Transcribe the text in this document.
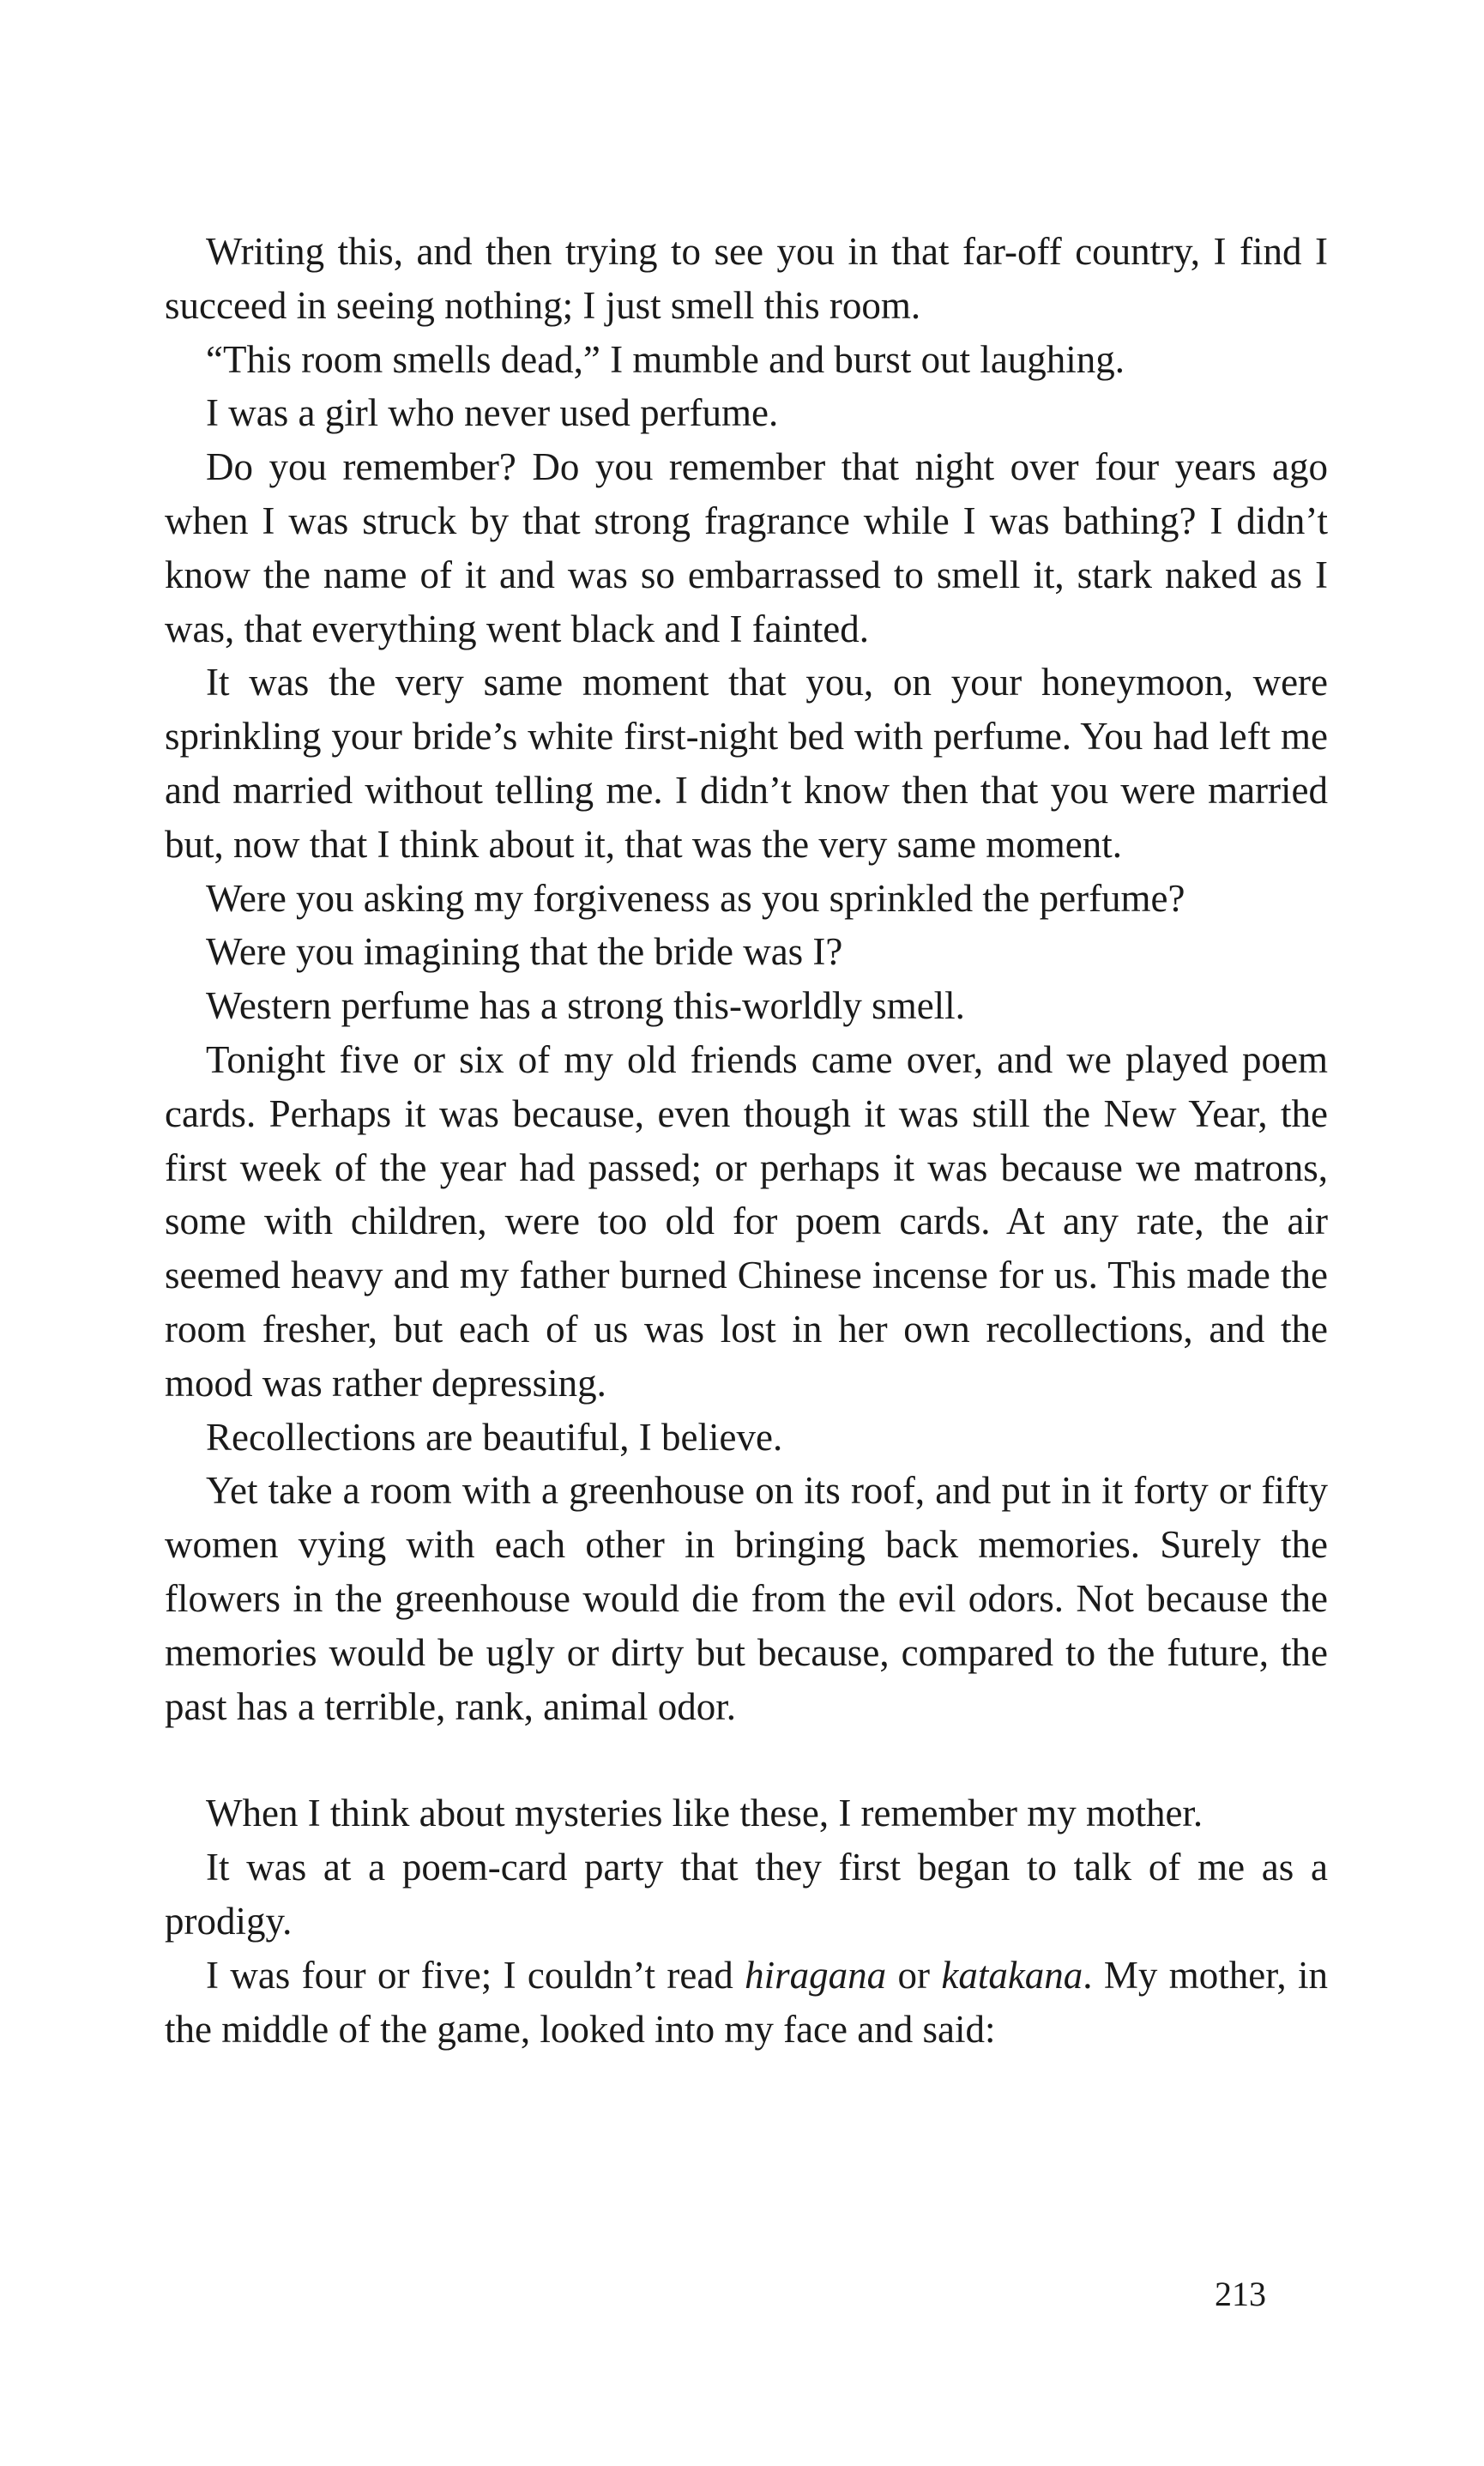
Writing this, and then trying to see you in that far-off country, I find I succeed in seeing nothing; I just smell this room.

“This room smells dead,” I mumble and burst out laughing.

I was a girl who never used perfume.

Do you remember? Do you remember that night over four years ago when I was struck by that strong fragrance while I was bathing? I didn’t know the name of it and was so embarrassed to smell it, stark naked as I was, that everything went black and I fainted.

It was the very same moment that you, on your honeymoon, were sprinkling your bride’s white first-night bed with perfume. You had left me and married without telling me. I didn’t know then that you were married but, now that I think about it, that was the very same moment.

Were you asking my forgiveness as you sprinkled the perfume?

Were you imagining that the bride was I?

Western perfume has a strong this-worldly smell.

Tonight five or six of my old friends came over, and we played poem cards. Perhaps it was because, even though it was still the New Year, the first week of the year had passed; or perhaps it was because we matrons, some with children, were too old for poem cards. At any rate, the air seemed heavy and my father burned Chinese incense for us. This made the room fresher, but each of us was lost in her own recollections, and the mood was rather depressing.

Recollections are beautiful, I believe.

Yet take a room with a greenhouse on its roof, and put in it forty or fifty women vying with each other in bringing back memories. Surely the flowers in the greenhouse would die from the evil odors. Not because the memories would be ugly or dirty but because, compared to the future, the past has a terrible, rank, animal odor.

When I think about mysteries like these, I remember my mother.

It was at a poem-card party that they first began to talk of me as a prodigy.

I was four or five; I couldn’t read hiragana or katakana. My mother, in the middle of the game, looked into my face and said:

213
